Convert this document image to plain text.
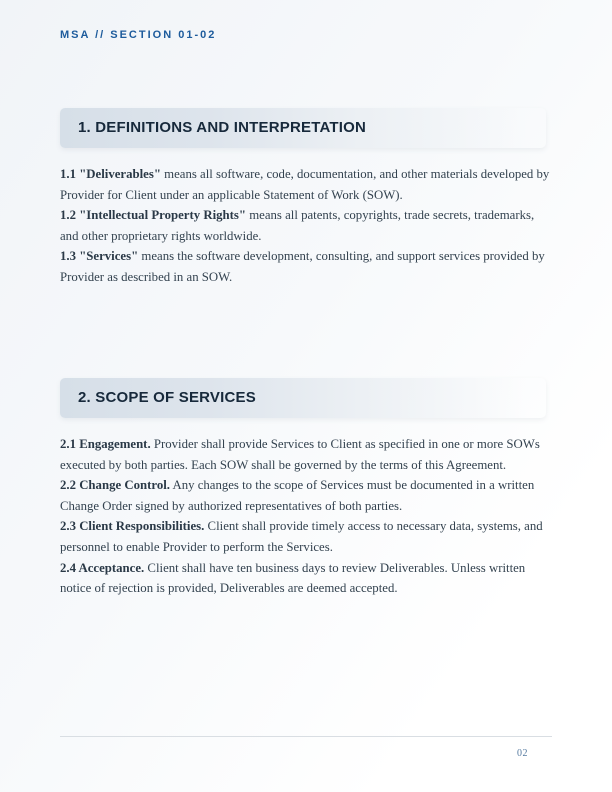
MSA // SECTION 01-02
1. DEFINITIONS AND INTERPRETATION

1.1 "Deliverables" means all software, code, documentation, and other materials developed by Provider for Client under an applicable Statement of Work (SOW).

1.2 "Intellectual Property Rights" means all patents, copyrights, trade secrets, trademarks, and other proprietary rights worldwide.

1.3 "Services" means the software development, consulting, and support services provided by Provider as described in an SOW.

2. SCOPE OF SERVICES

2.1 Engagement. Provider shall provide Services to Client as specified in one or more SOWs executed by both parties. Each SOW shall be governed by the terms of this Agreement.

2.2 Change Control. Any changes to the scope of Services must be documented in a written Change Order signed by authorized representatives of both parties.

2.3 Client Responsibilities. Client shall provide timely access to necessary data, systems, and personnel to enable Provider to perform the Services.

2.4 Acceptance. Client shall have ten business days to review Deliverables. Unless written notice of rejection is provided, Deliverables are deemed accepted.

02
